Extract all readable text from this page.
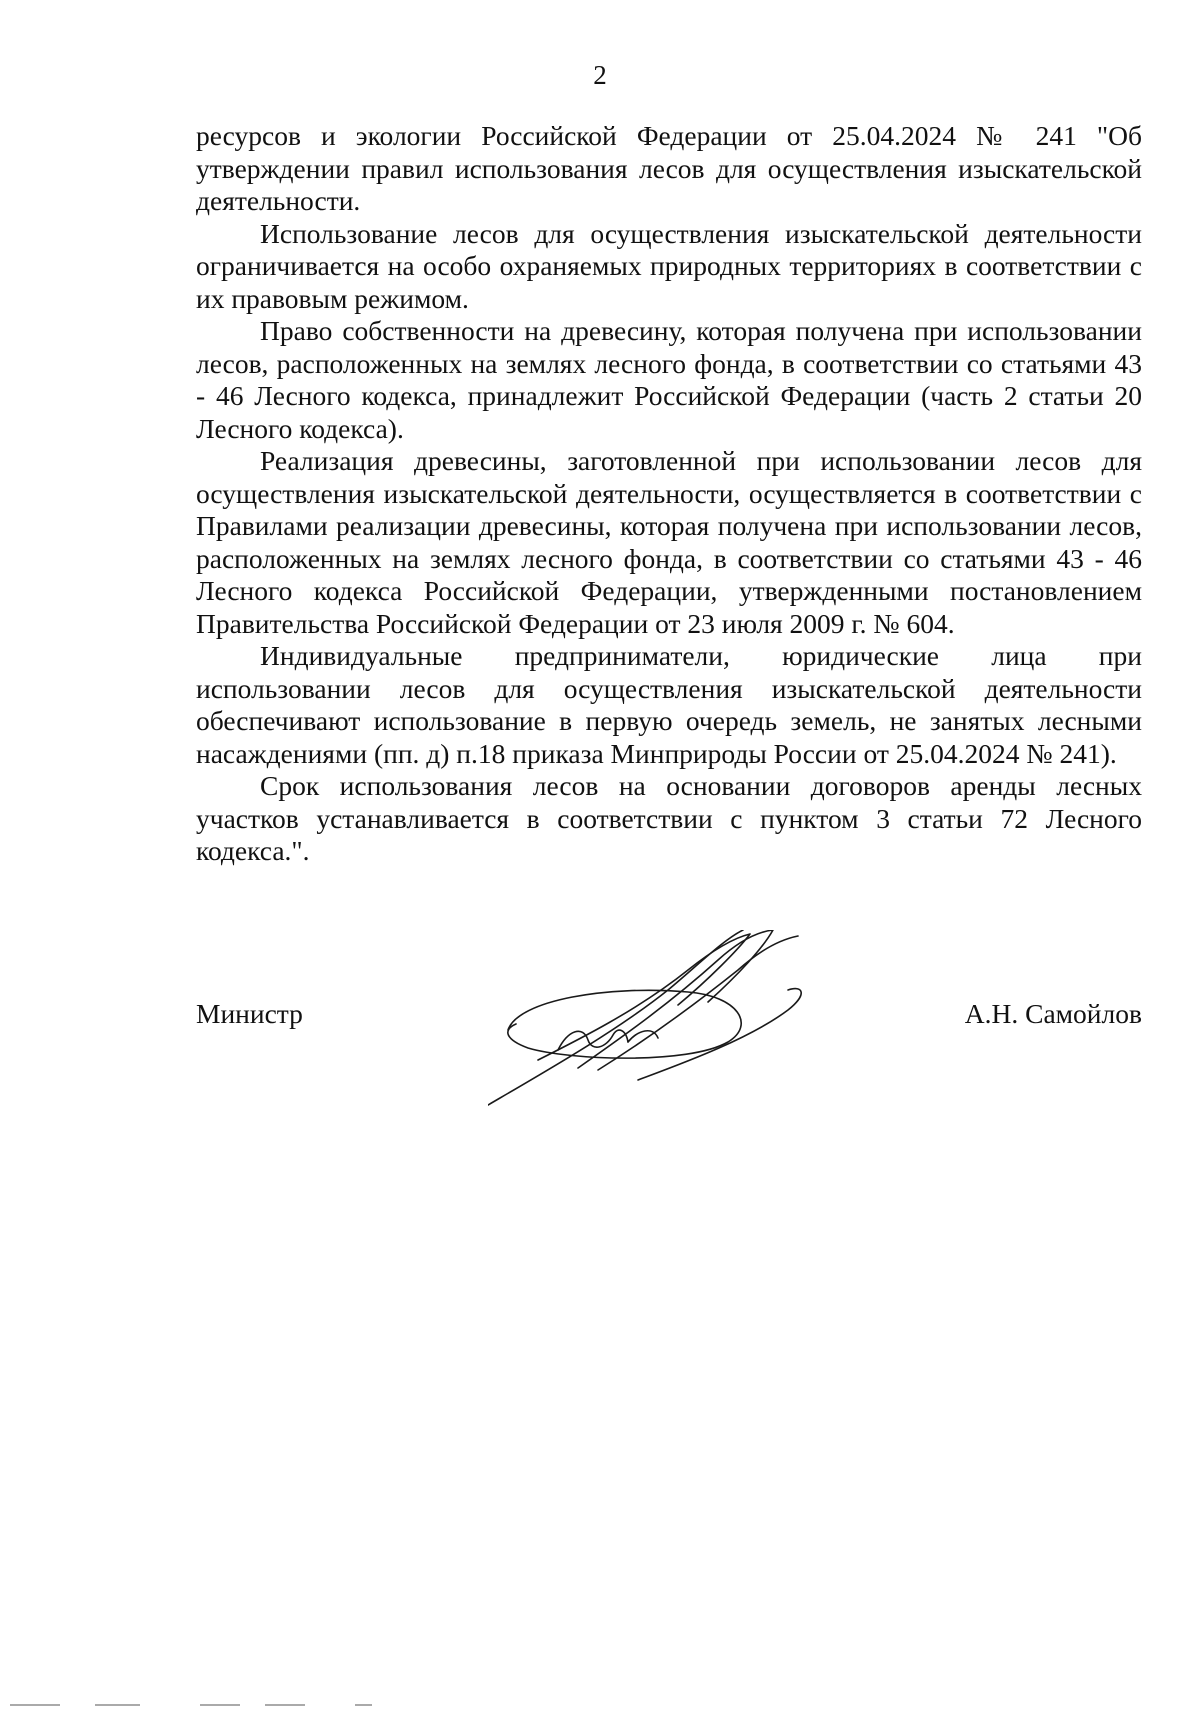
2

ресурсов и экологии Российской Федерации от 25.04.2024 № 241 "Об утверждении правил использования лесов для осуществления изыскательской деятельности.

Использование лесов для осуществления изыскательской деятельности ограничивается на особо охраняемых природных территориях в соответствии с их правовым режимом.

Право собственности на древесину, которая получена при использовании лесов, расположенных на землях лесного фонда, в соответствии со статьями 43 - 46 Лесного кодекса, принадлежит Российской Федерации (часть 2 статьи 20 Лесного кодекса).

Реализация древесины, заготовленной при использовании лесов для осуществления изыскательской деятельности, осуществляется в соответствии с Правилами реализации древесины, которая получена при использовании лесов, расположенных на землях лесного фонда, в соответствии со статьями 43 - 46 Лесного кодекса Российской Федерации, утвержденными постановлением Правительства Российской Федерации от 23 июля 2009 г. № 604.

Индивидуальные предприниматели, юридические лица при использовании лесов для осуществления изыскательской деятельности обеспечивают использование в первую очередь земель, не занятых лесными насаждениями (пп. д) п.18 приказа Минприроды России от 25.04.2024 № 241).

Срок использования лесов на основании договоров аренды лесных участков устанавливается в соответствии с пунктом 3 статьи 72 Лесного кодекса.".

Министр	А.Н. Самойлов
